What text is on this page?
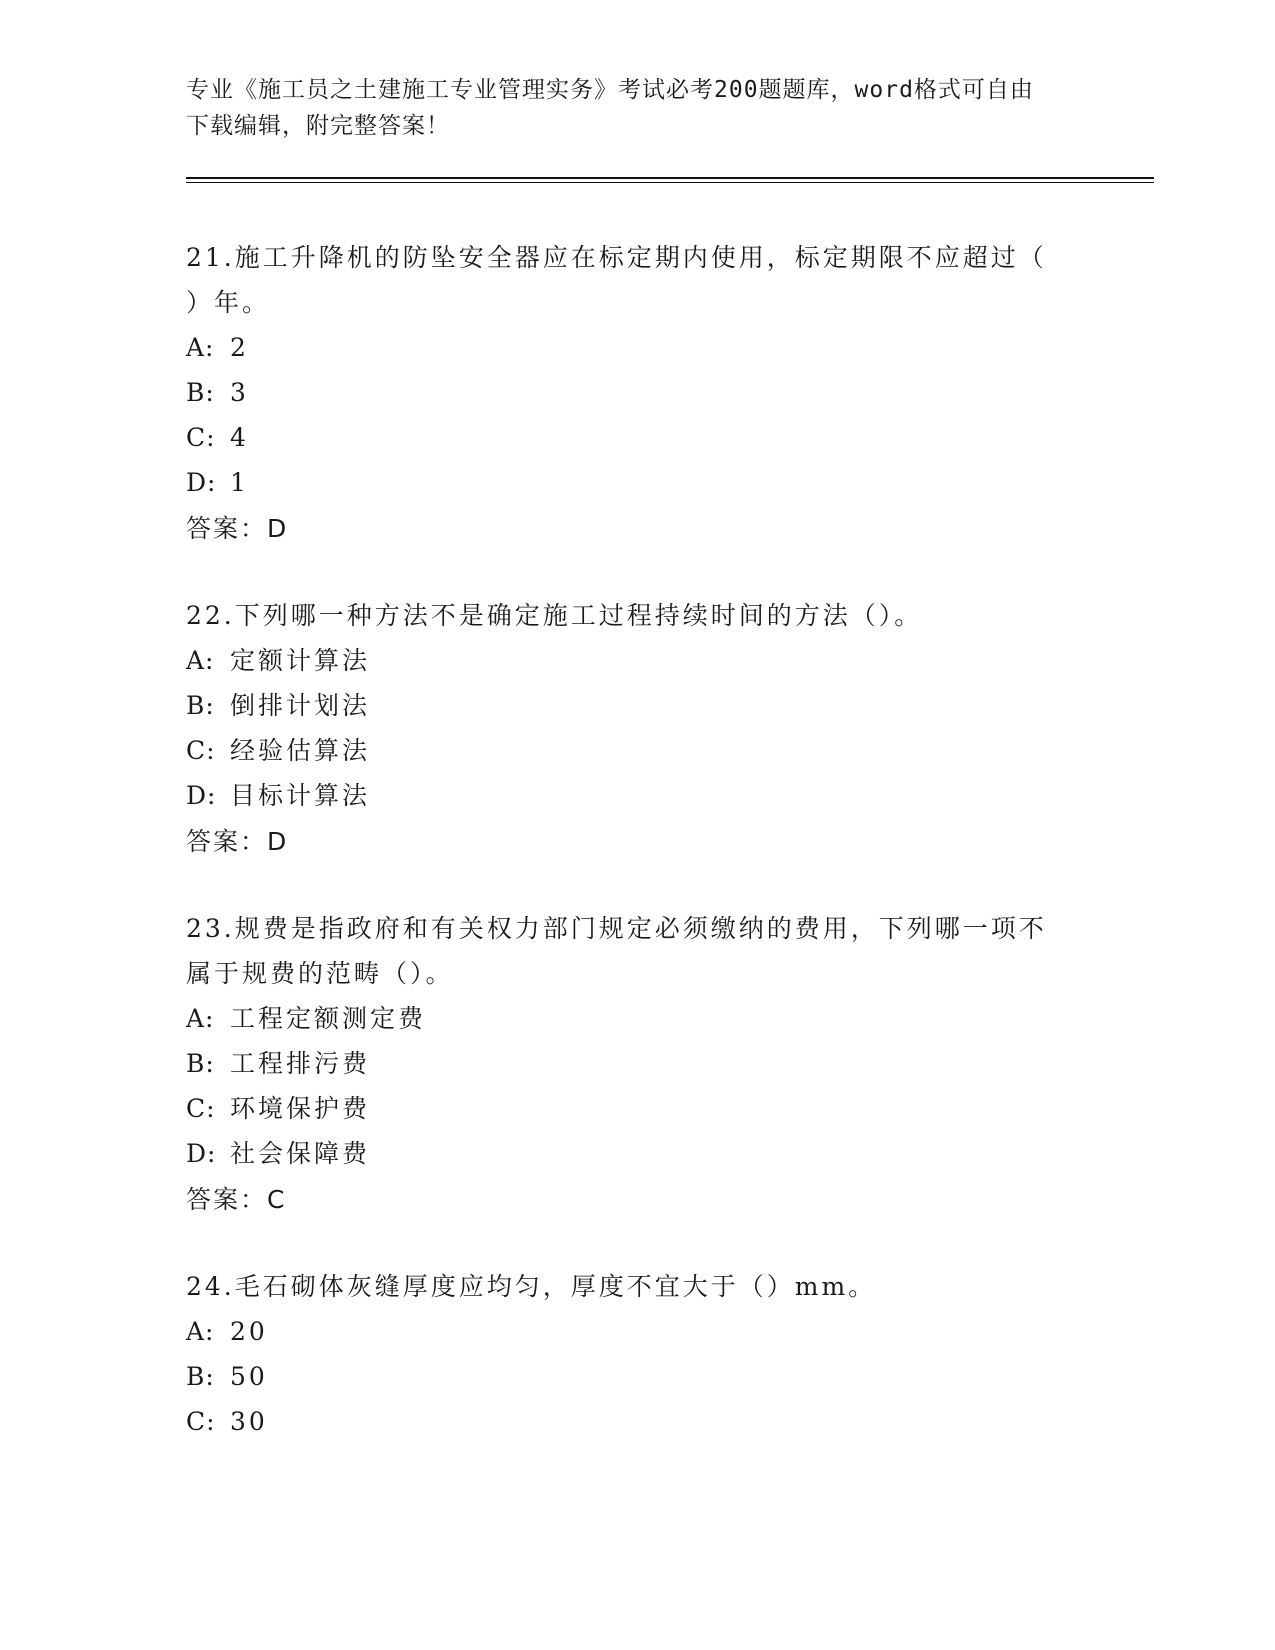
专业《施工员之土建施工专业管理实务》考试必考200题题库，word格式可自由
下载编辑，附完整答案！
21.施工升降机的防坠安全器应在标定期内使用，标定期限不应超过（
）年。
A: 2
B: 3
C: 4
D: 1
答案：D
22.下列哪一种方法不是确定施工过程持续时间的方法（）。
A: 定额计算法
B: 倒排计划法
C: 经验估算法
D: 目标计算法
答案：D
23.规费是指政府和有关权力部门规定必须缴纳的费用，下列哪一项不
属于规费的范畴（）。
A: 工程定额测定费
B: 工程排污费
C: 环境保护费
D: 社会保障费
答案：C
24.毛石砌体灰缝厚度应均匀，厚度不宜大于（）mm。
A: 20
B: 50
C: 30
